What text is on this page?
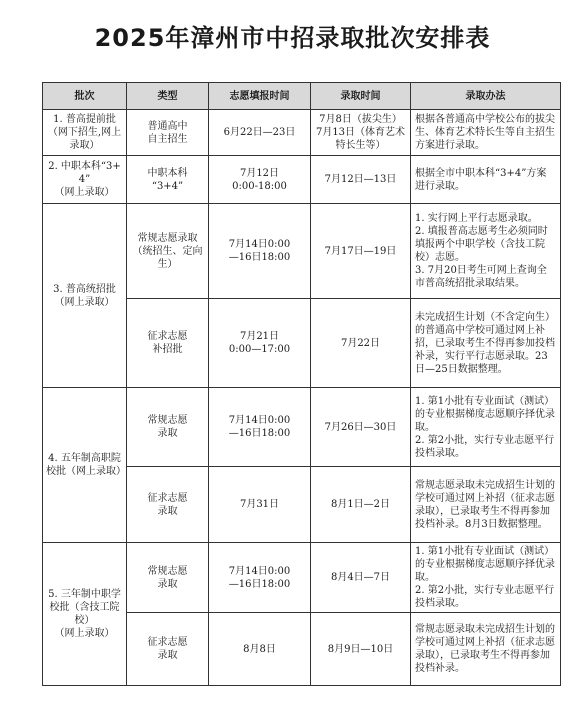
2025年漳州市中招录取批次安排表
批次	类型	志愿填报时间	录取时间	录取办法
1. 普高提前批（网下招生,网上录取）	普通高中
自主招生	6月22日—23日	7月8日（拔尖生）
7月13日（体育艺术特长生等）	根据各普通高中学校公布的拔尖生、体育艺术特长生等自主招生方案进行录取。
2. 中职本科“3+4”
（网上录取）	中职本科
“3+4”	7月12日
0:00-18:00	7月12日—13日	根据全市中职本科“3+4”方案进行录取。
3. 普高统招批（网上录取）	常规志愿录取（统招生、定向生）	7月14日0:00
—16日18:00	7月17日—19日	1. 实行网上平行志愿录取。
2. 填报普高志愿考生必须同时填报两个中职学校（含技工院校）志愿。
3. 7月20日考生可网上查询全市普高统招批录取结果。
	征求志愿
补招批	7月21日
0:00—17:00	7月22日	未完成招生计划（不含定向生）的普通高中学校可通过网上补招，已录取考生不得再参加投档补录，实行平行志愿录取。23日—25日数据整理。
4. 五年制高职院校批（网上录取）	常规志愿
录取	7月14日0:00
—16日18:00	7月26日—30日	1. 第1小批有专业面试（测试）的专业根据梯度志愿顺序择优录取。
2. 第2小批，实行专业志愿平行投档录取。
	征求志愿
录取	7月31日	8月1日—2日	常规志愿录取未完成招生计划的学校可通过网上补招（征求志愿录取），已录取考生不得再参加投档补录。8月3日数据整理。
5. 三年制中职学校批（含技工院校）
（网上录取）	常规志愿
录取	7月14日0:00
—16日18:00	8月4日—7日	1. 第1小批有专业面试（测试）的专业根据梯度志愿顺序择优录取。
2. 第2小批，实行专业志愿平行投档录取。
	征求志愿
录取	8月8日	8月9日—10日	常规志愿录取未完成招生计划的学校可通过网上补招（征求志愿录取），已录取考生不得再参加投档补录。
